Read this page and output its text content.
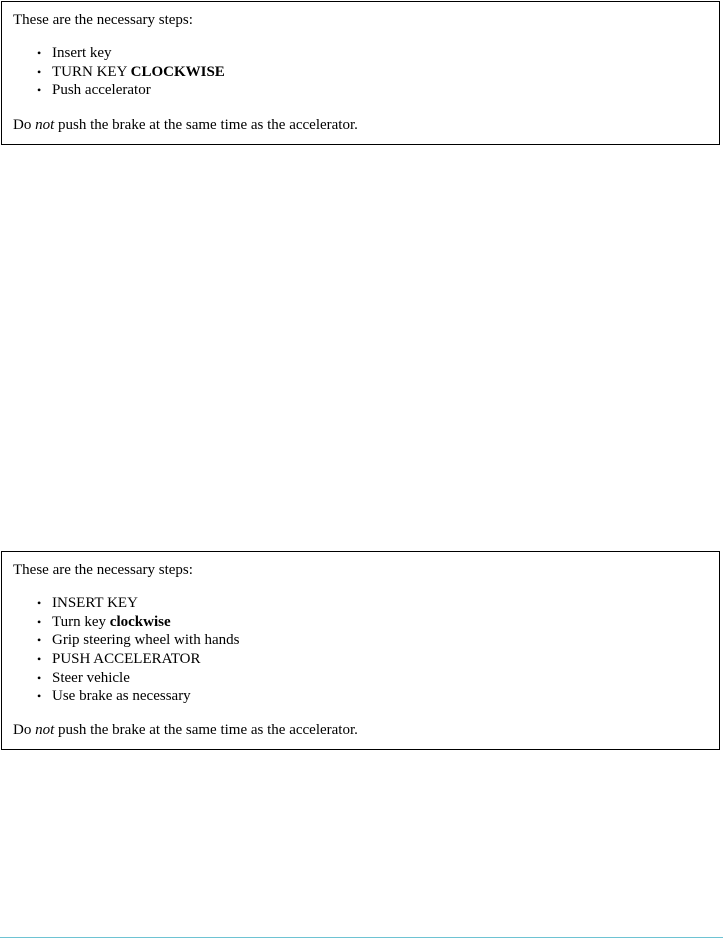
These are the necessary steps:

• Insert key
• TURN KEY CLOCKWISE
• Push accelerator

Do not push the brake at the same time as the accelerator.

These are the necessary steps:

• INSERT KEY
• Turn key clockwise
• Grip steering wheel with hands
• PUSH ACCELERATOR
• Steer vehicle
• Use brake as necessary

Do not push the brake at the same time as the accelerator.
